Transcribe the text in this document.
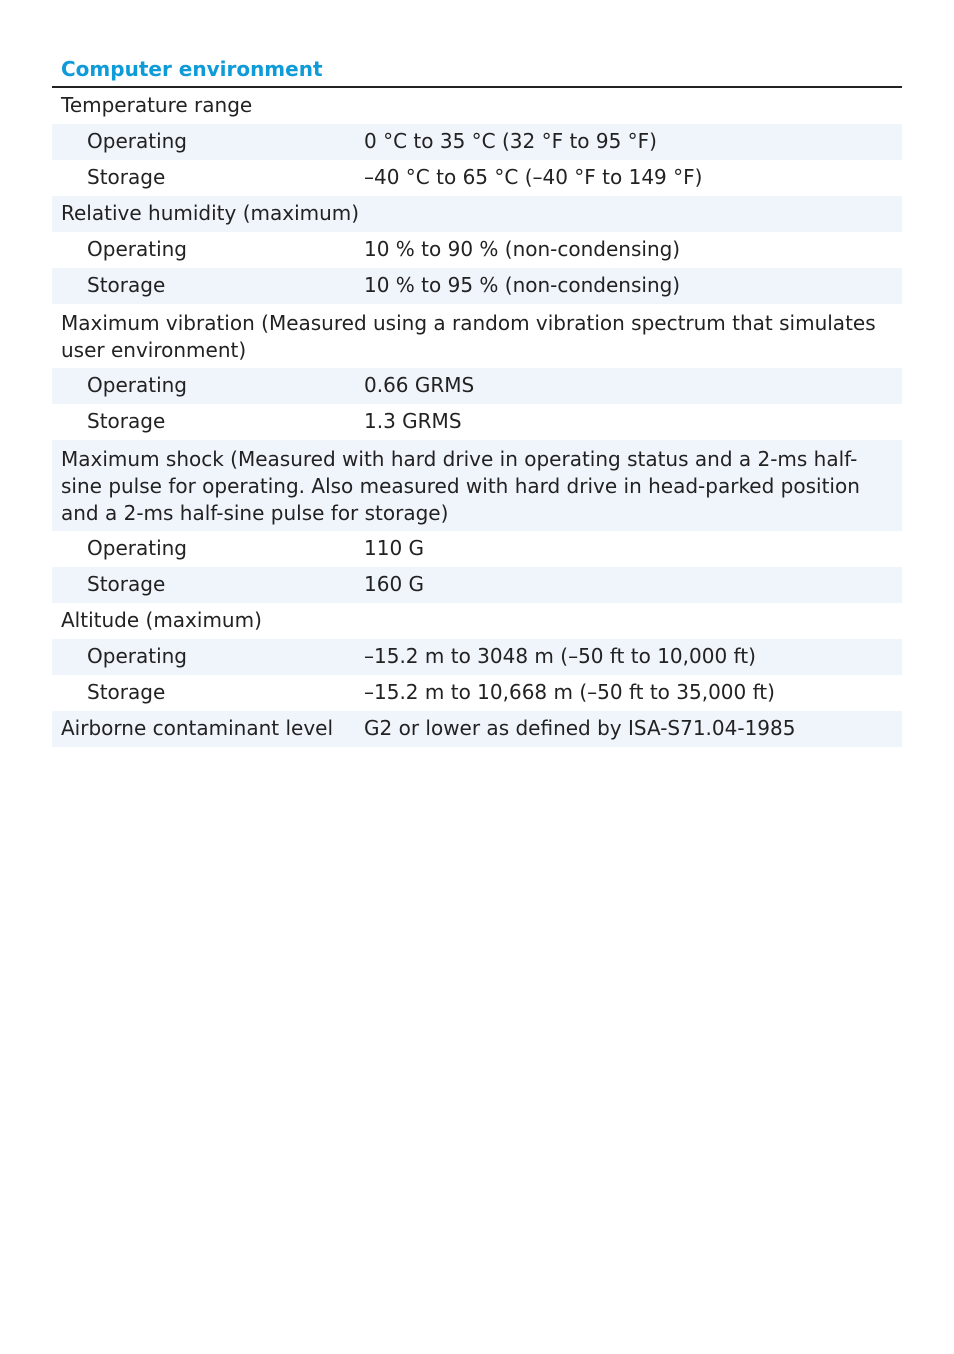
Computer environment
Temperature range	
Operating	0 °C to 35 °C (32 °F to 95 °F)
Storage	–40 °C to 65 °C (–40 °F to 149 °F)
Relative humidity (maximum)	
Operating	10 % to 90 % (non-condensing)
Storage	10 % to 95 % (non-condensing)
Maximum vibration (Measured using a random vibration spectrum that simulates user environment)	
Operating	0.66 GRMS
Storage	1.3 GRMS
Maximum shock (Measured with hard drive in operating status and a 2-ms half-sine pulse for operating. Also measured with hard drive in head-parked position and a 2-ms half-sine pulse for storage)	
Operating	110 G
Storage	160 G
Altitude (maximum)	
Operating	–15.2 m to 3048 m (–50 ft to 10,000 ft)
Storage	–15.2 m to 10,668 m (–50 ft to 35,000 ft)
Airborne contaminant level	G2 or lower as defined by ISA-S71.04-1985
